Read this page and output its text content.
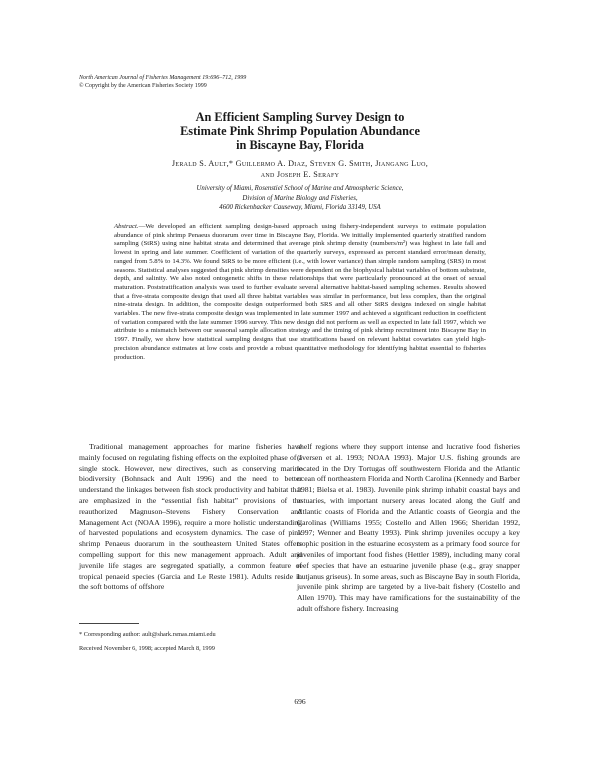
North American Journal of Fisheries Management 19:696–712, 1999
© Copyright by the American Fisheries Society 1999
An Efficient Sampling Survey Design to
Estimate Pink Shrimp Population Abundance
in Biscayne Bay, Florida
Jerald S. Ault,* Guillermo A. Diaz, Steven G. Smith, Jiangang Luo,
and Joseph E. Serafy
University of Miami, Rosenstiel School of Marine and Atmospheric Science,
Division of Marine Biology and Fisheries,
4600 Rickenbacker Causeway, Miami, Florida 33149, USA
Abstract.—We developed an efficient sampling design-based approach using fishery-independent surveys to estimate population abundance of pink shrimp Penaeus duorarum over time in Biscayne Bay, Florida. We initially implemented quarterly stratified random sampling (StRS) using nine habitat strata and determined that average pink shrimp density (numbers/m²) was highest in late fall and lowest in spring and late summer. Coefficient of variation of the quarterly surveys, expressed as percent standard error/mean density, ranged from 5.8% to 14.3%. We found StRS to be more efficient (i.e., with lower variance) than simple random sampling (SRS) in most seasons. Statistical analyses suggested that pink shrimp densities were dependent on the biophysical habitat variables of bottom substrate, depth, and salinity. We also noted ontogenetic shifts in these relationships that were particularly pronounced at the onset of sexual maturation. Poststratification analysis was used to further evaluate several alternative habitat-based sampling schemes. Results showed that a five-strata composite design that used all three habitat variables was similar in performance, but less complex, than the original nine-strata design. In addition, the composite design outperformed both SRS and all other StRS designs indexed on single habitat variables. The new five-strata composite design was implemented in late summer 1997 and achieved a significant reduction in coefficient of variation compared with the late summer 1996 survey. This new design did not perform as well as expected in late fall 1997, which we attribute to a mismatch between our seasonal sample allocation strategy and the timing of pink shrimp recruitment into Biscayne Bay in 1997. Finally, we show how statistical sampling designs that use stratifications based on relevant habitat covariates can yield high-precision abundance estimates at low costs and provide a robust quantitative methodology for identifying habitat essential to fisheries production.

Traditional management approaches for marine fisheries have mainly focused on regulating fishing effects on the exploited phase of a single stock. However, new directives, such as conserving marine biodiversity (Bohnsack and Ault 1996) and the need to better understand the linkages between fish stock productivity and habitat that are emphasized in the “essential fish habitat” provisions of the reauthorized Magnuson–Stevens Fishery Conservation and Management Act (NOAA 1996), require a more holistic understanding of harvested populations and ecosystem dynamics. The case of pink shrimp Penaeus duorarum in the southeastern United States offers compelling support for this new management approach. Adult and juvenile life stages are segregated spatially, a common feature of tropical penaeid species (Garcia and Le Reste 1981). Adults reside in the soft bottoms of offshore

shelf regions where they support intense and lucrative food fisheries (Iversen et al. 1993; NOAA 1993). Major U.S. fishing grounds are located in the Dry Tortugas off southwestern Florida and the Atlantic ocean off northeastern Florida and North Carolina (Kennedy and Barber 1981; Bielsa et al. 1983). Juvenile pink shrimp inhabit coastal bays and estuaries, with important nursery areas located along the Gulf and Atlantic coasts of Florida and the Atlantic coasts of Georgia and the Carolinas (Williams 1955; Costello and Allen 1966; Sheridan 1992, 1997; Wenner and Beatty 1993). Pink shrimp juveniles occupy a key trophic position in the estuarine ecosystem as a primary food source for juveniles of important food fishes (Hettler 1989), including many coral reef species that have an estuarine juvenile phase (e.g., gray snapper Lutjanus griseus). In some areas, such as Biscayne Bay in south Florida, juvenile pink shrimp are targeted by a live-bait fishery (Costello and Allen 1970). This may have ramifications for the sustainability of the adult offshore fishery. Increasing

* Corresponding author: ault@shark.rsmas.miami.edu
Received November 6, 1998; accepted March 8, 1999
696
